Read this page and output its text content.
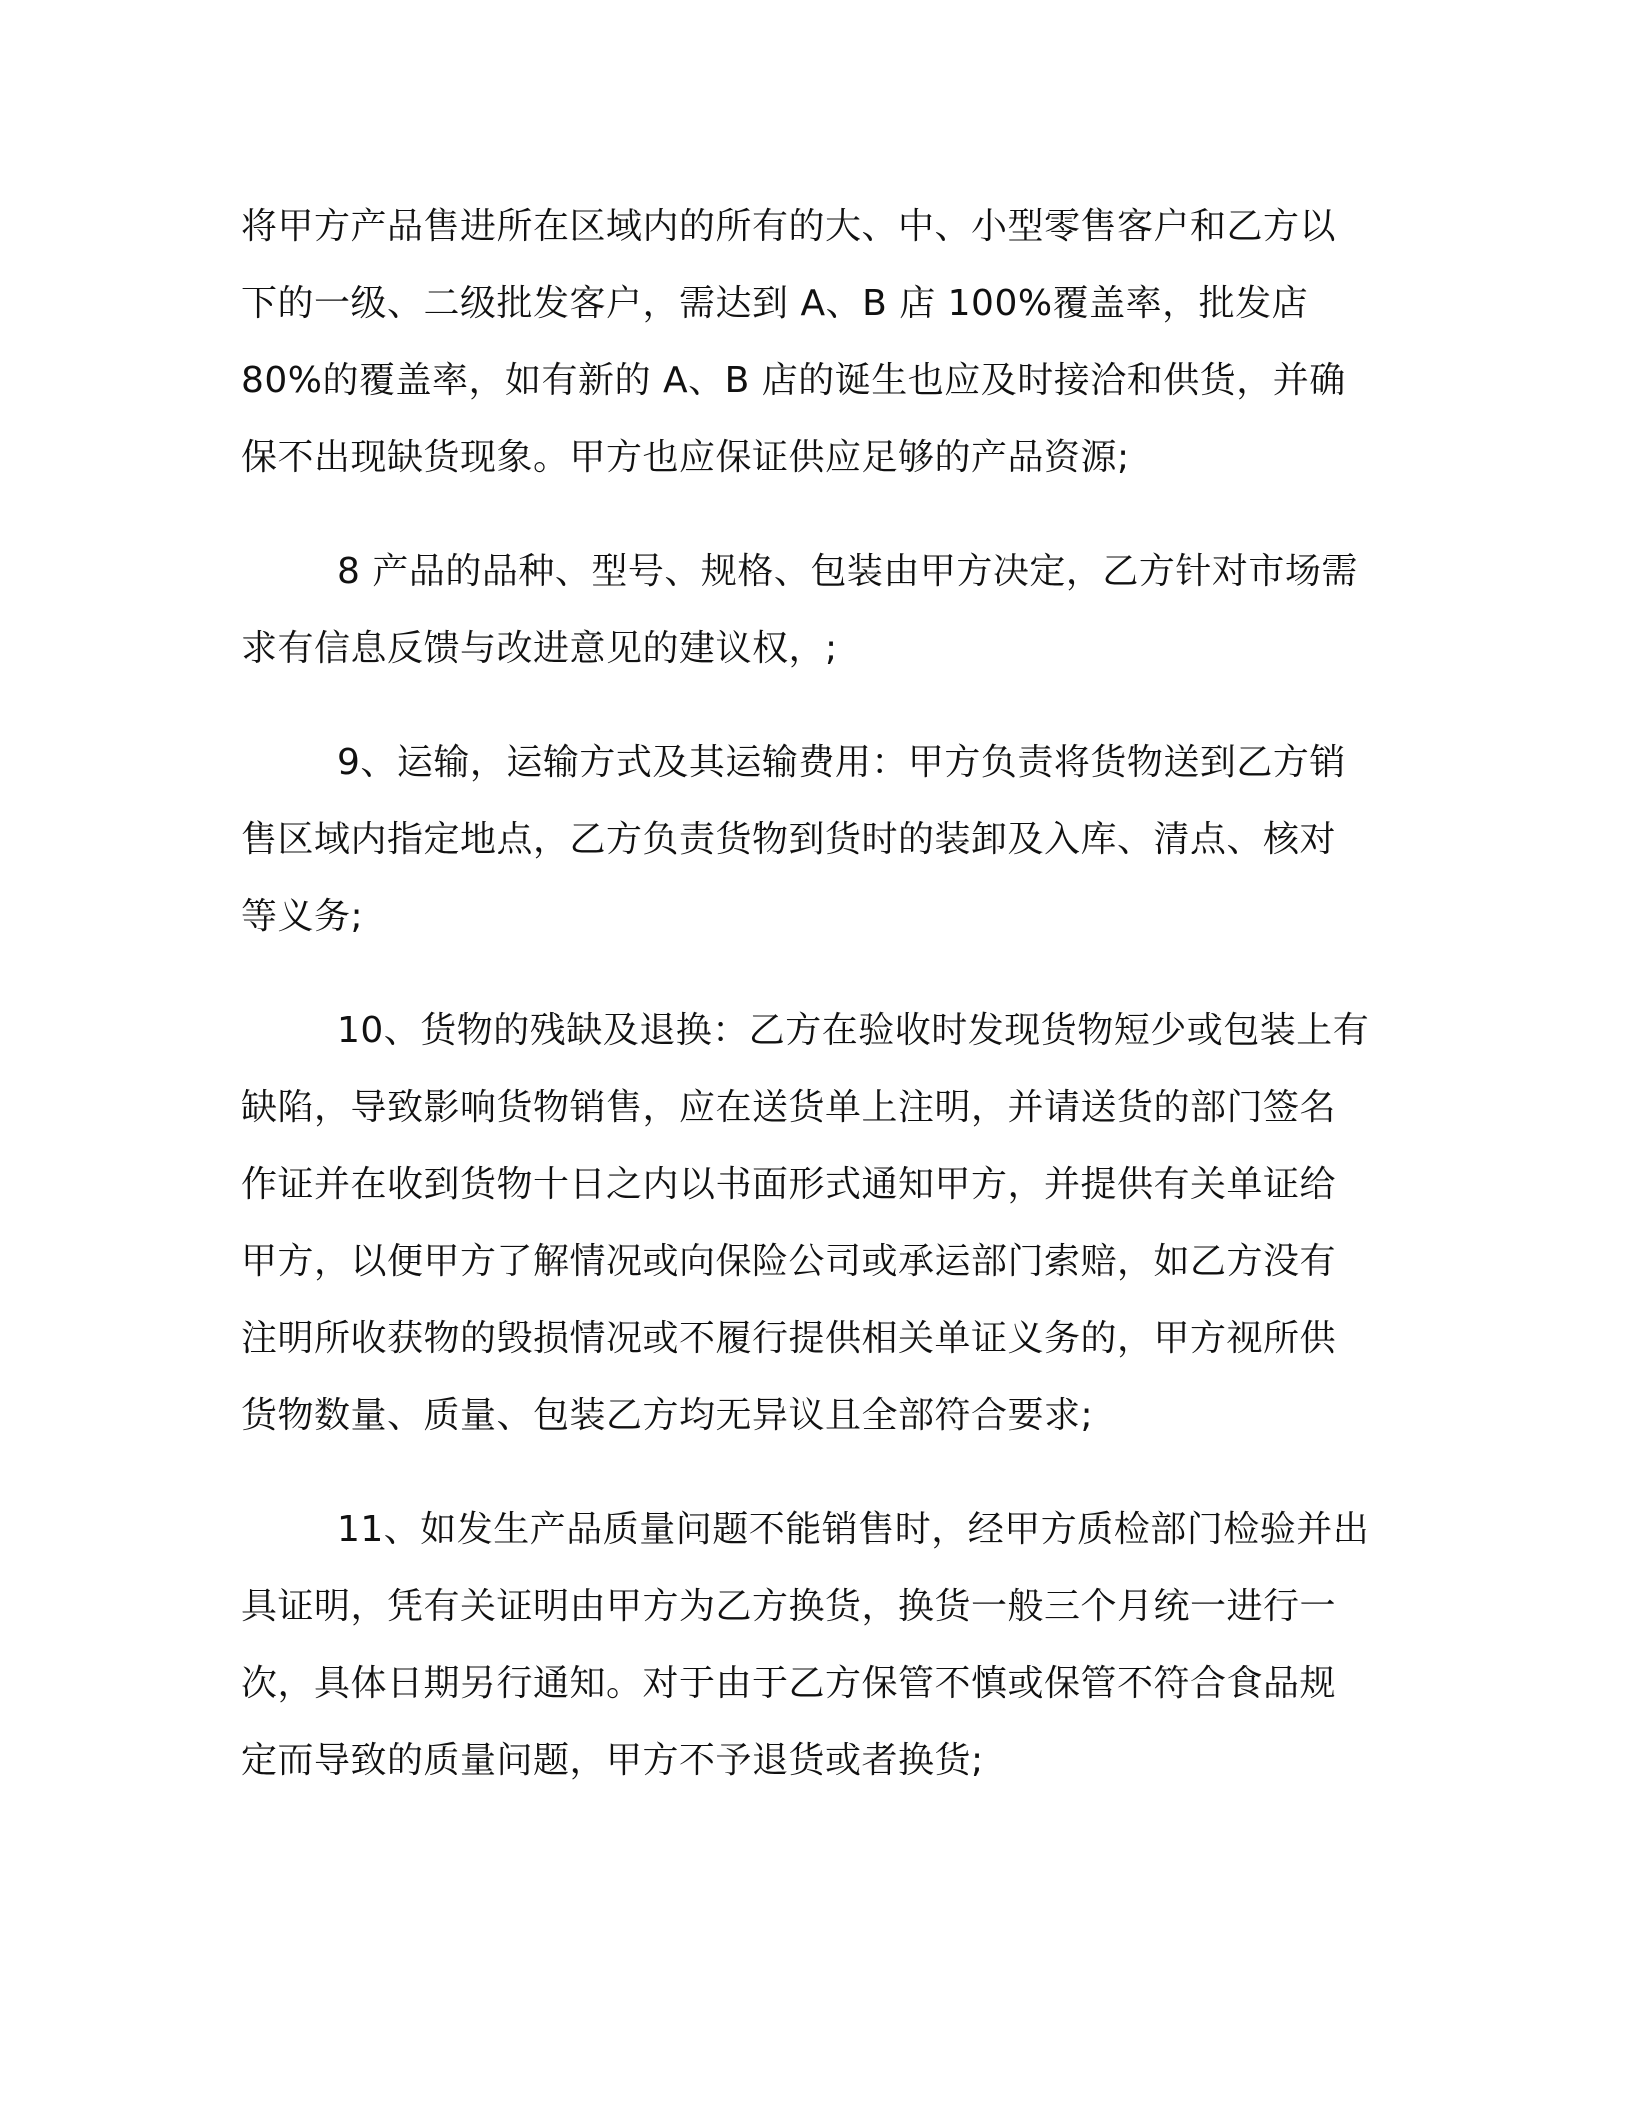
将甲方产品售进所在区域内的所有的大、中、小型零售客户和乙方以
下的一级、二级批发客户，需达到 A、B 店 100%覆盖率，批发店
80%的覆盖率，如有新的 A、B 店的诞生也应及时接洽和供货，并确
保不出现缺货现象。甲方也应保证供应足够的产品资源;

8 产品的品种、型号、规格、包装由甲方决定，乙方针对市场需
求有信息反馈与改进意见的建议权，;

9、运输，运输方式及其运输费用：甲方负责将货物送到乙方销
售区域内指定地点，乙方负责货物到货时的装卸及入库、清点、核对
等义务;

10、货物的残缺及退换：乙方在验收时发现货物短少或包装上有
缺陷，导致影响货物销售，应在送货单上注明，并请送货的部门签名
作证并在收到货物十日之内以书面形式通知甲方，并提供有关单证给
甲方，以便甲方了解情况或向保险公司或承运部门索赔，如乙方没有
注明所收获物的毁损情况或不履行提供相关单证义务的，甲方视所供
货物数量、质量、包装乙方均无异议且全部符合要求;

11、如发生产品质量问题不能销售时，经甲方质检部门检验并出
具证明，凭有关证明由甲方为乙方换货，换货一般三个月统一进行一
次，具体日期另行通知。对于由于乙方保管不慎或保管不符合食品规
定而导致的质量问题，甲方不予退货或者换货;
